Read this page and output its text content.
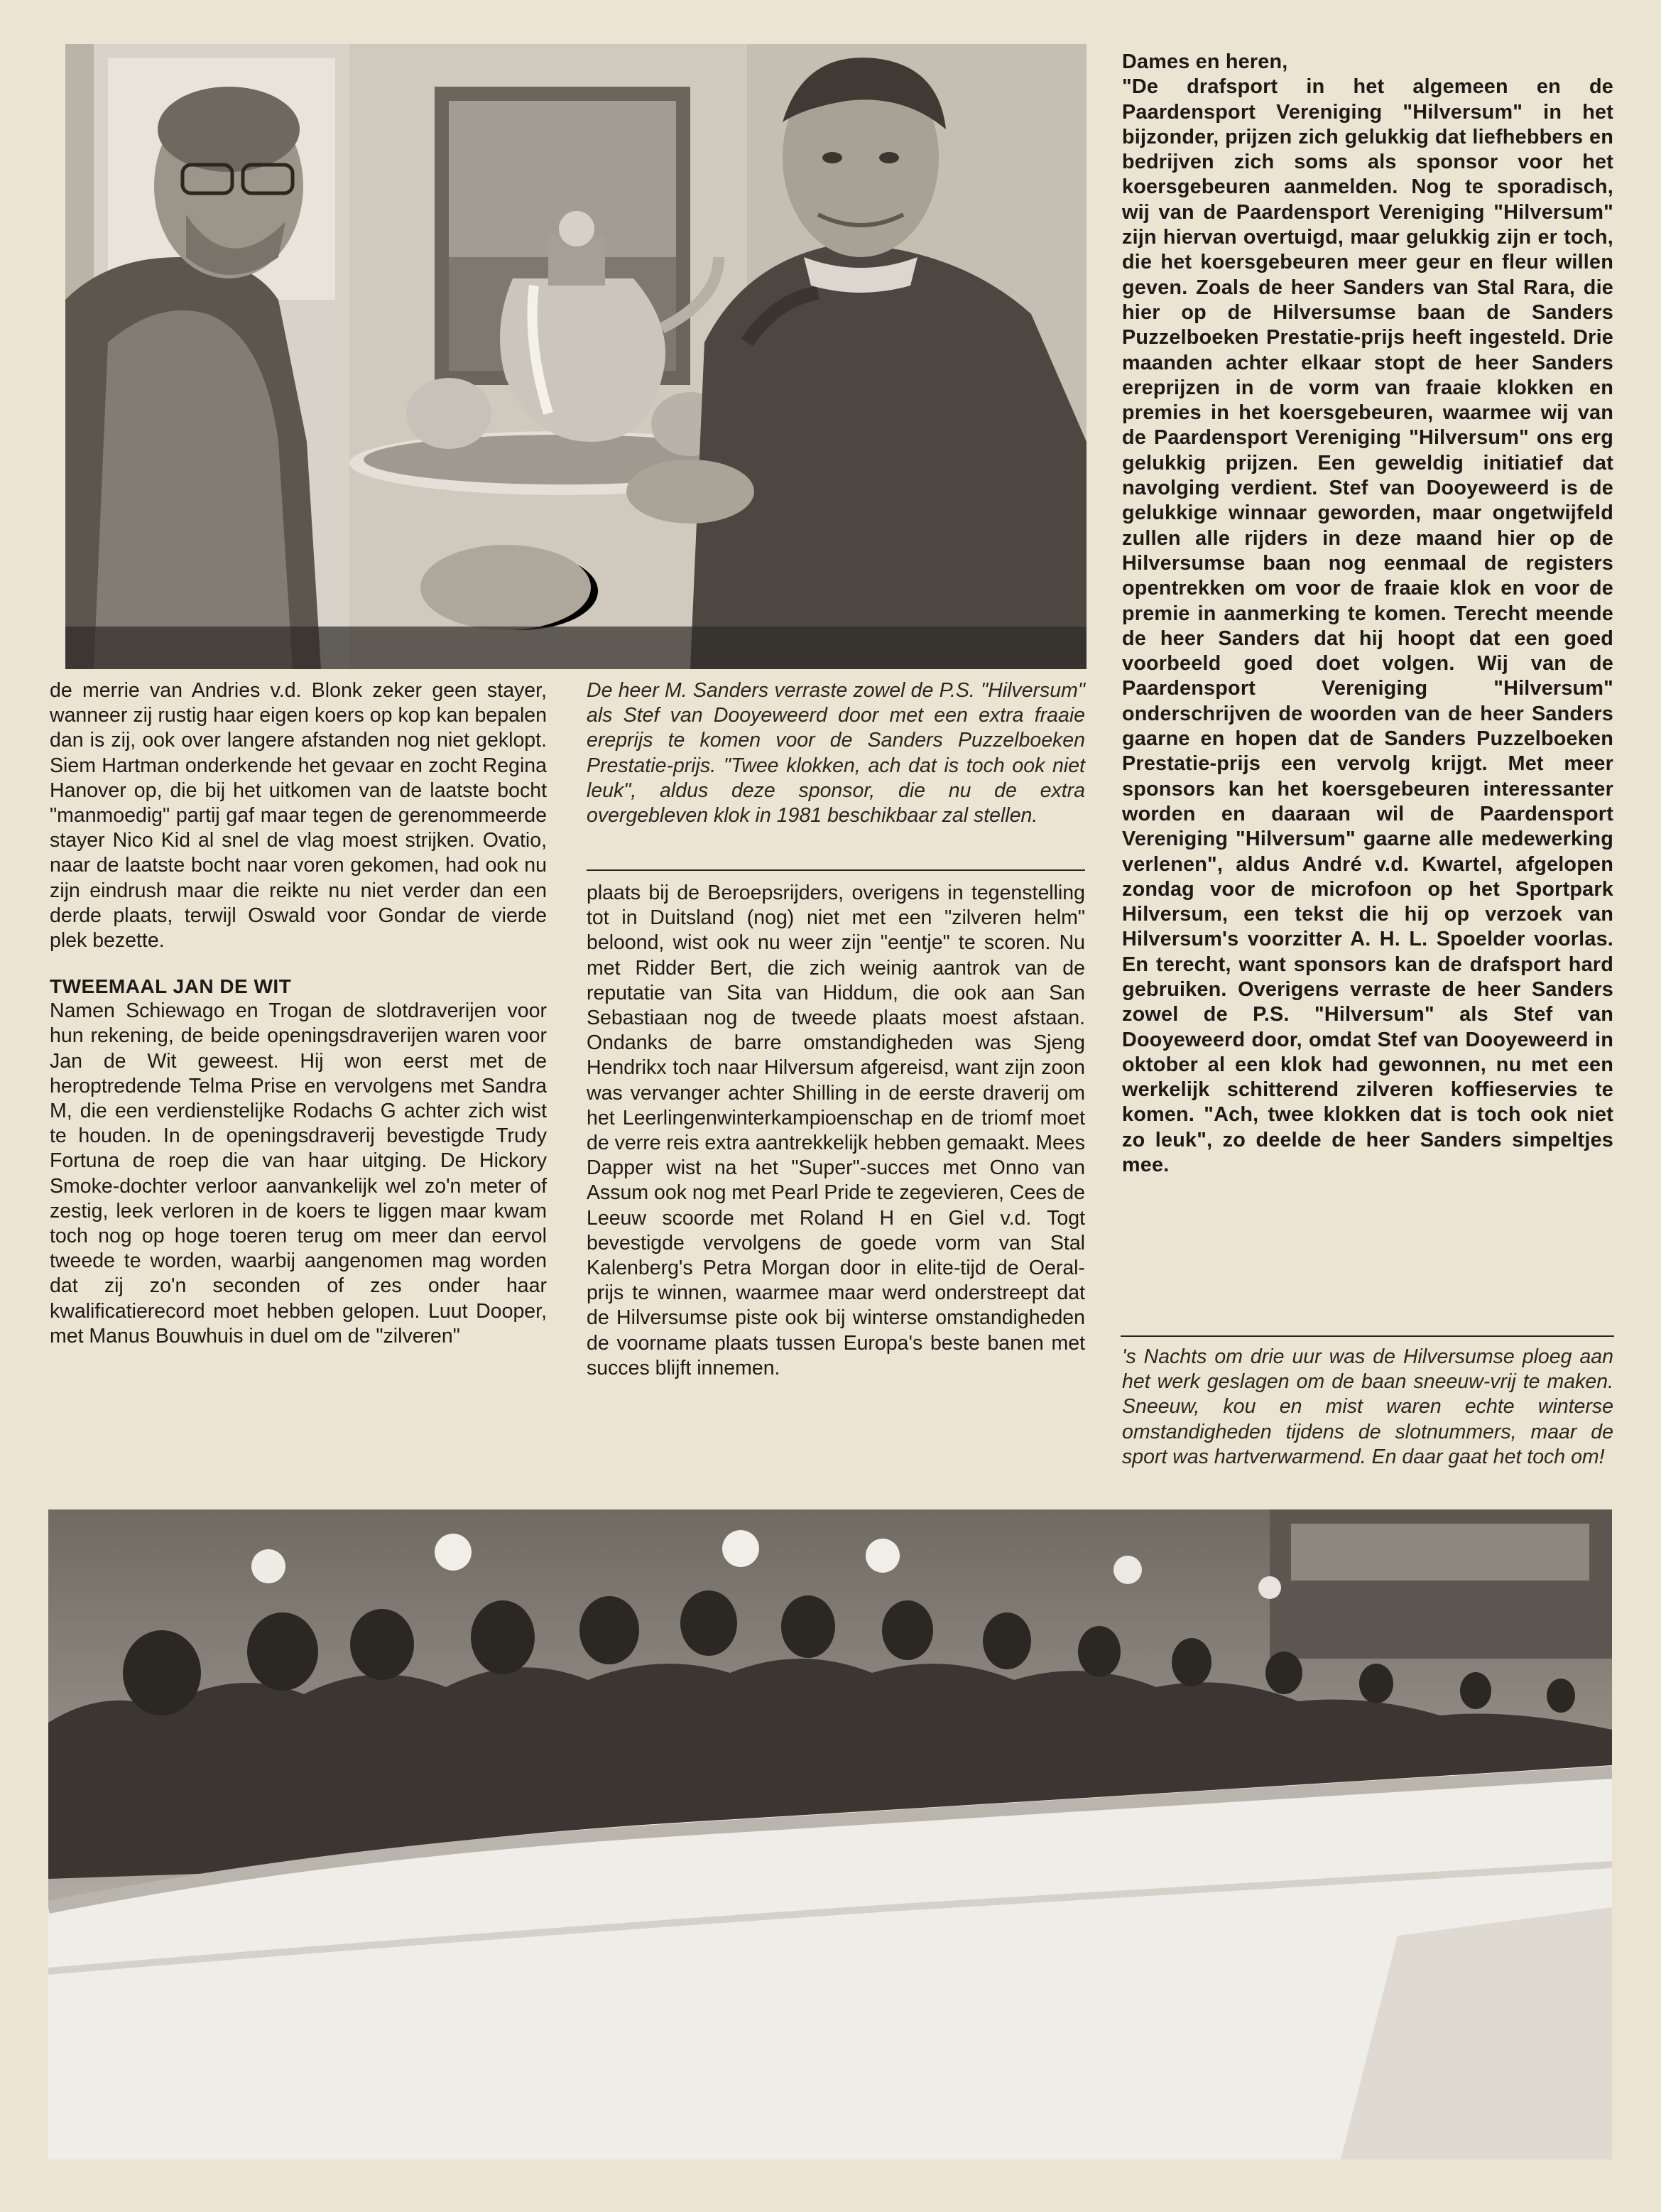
Dames en heren,

"De drafsport in het algemeen en de Paardensport Vereniging "Hilversum" in het bijzonder, prijzen zich gelukkig dat liefhebbers en bedrijven zich soms als sponsor voor het koersgebeuren aanmelden. Nog te sporadisch, wij van de Paardensport Vereniging "Hilversum" zijn hiervan overtuigd, maar gelukkig zijn er toch, die het koersgebeuren meer geur en fleur willen geven. Zoals de heer Sanders van Stal Rara, die hier op de Hilversumse baan de Sanders Puzzelboeken Prestatie-prijs heeft ingesteld. Drie maanden achter elkaar stopt de heer Sanders ereprijzen in de vorm van fraaie klokken en premies in het koersgebeuren, waarmee wij van de Paardensport Vereniging "Hilversum" ons erg gelukkig prijzen. Een geweldig initiatief dat navolging verdient. Stef van Dooyeweerd is de gelukkige winnaar geworden, maar ongetwijfeld zullen alle rijders in deze maand hier op de Hilversumse baan nog eenmaal de registers opentrekken om voor de fraaie klok en voor de premie in aanmerking te komen. Terecht meende de heer Sanders dat hij hoopt dat een goed voorbeeld goed doet volgen. Wij van de Paardensport Vereniging "Hilversum" onderschrijven de woorden van de heer Sanders gaarne en hopen dat de Sanders Puzzelboeken Prestatie-prijs een vervolg krijgt. Met meer sponsors kan het koersgebeuren interessanter worden en daaraan wil de Paardensport Vereniging "Hilversum" gaarne alle medewerking verlenen", aldus André v.d. Kwartel, afgelopen zondag voor de microfoon op het Sportpark Hilversum, een tekst die hij op verzoek van Hilversum's voorzitter A. H. L. Spoelder voorlas. En terecht, want sponsors kan de drafsport hard gebruiken. Overigens verraste de heer Sanders zowel de P.S. "Hilversum" als Stef van Dooyeweerd door, omdat Stef van Dooyeweerd in oktober al een klok had gewonnen, nu met een werkelijk schitterend zilveren koffieservies te komen. "Ach, twee klokken dat is toch ook niet zo leuk", zo deelde de heer Sanders simpeltjes mee.

de merrie van Andries v.d. Blonk zeker geen stayer, wanneer zij rustig haar eigen koers op kop kan bepalen dan is zij, ook over langere afstanden nog niet geklopt. Siem Hartman onderkende het gevaar en zocht Regina Hanover op, die bij het uitkomen van de laatste bocht "manmoedig" partij gaf maar tegen de gerenommeerde stayer Nico Kid al snel de vlag moest strijken. Ovatio, naar de laatste bocht naar voren gekomen, had ook nu zijn eindrush maar die reikte nu niet verder dan een derde plaats, terwijl Oswald voor Gondar de vierde plek bezette.

TWEEMAAL JAN DE WIT

Namen Schiewago en Trogan de slotdraverijen voor hun rekening, de beide openingsdraverijen waren voor Jan de Wit geweest. Hij won eerst met de heroptredende Telma Prise en vervolgens met Sandra M, die een verdienstelijke Rodachs G achter zich wist te houden. In de openingsdraverij bevestigde Trudy Fortuna de roep die van haar uitging. De Hickory Smoke-dochter verloor aanvankelijk wel zo'n meter of zestig, leek verloren in de koers te liggen maar kwam toch nog op hoge toeren terug om meer dan eervol tweede te worden, waarbij aangenomen mag worden dat zij zo'n seconden of zes onder haar kwalificatierecord moet hebben gelopen. Luut Dooper, met Manus Bouwhuis in duel om de "zilveren"

De heer M. Sanders verraste zowel de P.S. "Hilversum" als Stef van Dooyeweerd door met een extra fraaie ereprijs te komen voor de Sanders Puzzelboeken Prestatie-prijs. "Twee klokken, ach dat is toch ook niet leuk", aldus deze sponsor, die nu de extra overgebleven klok in 1981 beschikbaar zal stellen.

plaats bij de Beroepsrijders, overigens in tegenstelling tot in Duitsland (nog) niet met een "zilveren helm" beloond, wist ook nu weer zijn "eentje" te scoren. Nu met Ridder Bert, die zich weinig aantrok van de reputatie van Sita van Hiddum, die ook aan San Sebastiaan nog de tweede plaats moest afstaan. Ondanks de barre omstandigheden was Sjeng Hendrikx toch naar Hilversum afgereisd, want zijn zoon was vervanger achter Shilling in de eerste draverij om het Leerlingenwinterkampioenschap en de triomf moet de verre reis extra aantrekkelijk hebben gemaakt. Mees Dapper wist na het "Super"-succes met Onno van Assum ook nog met Pearl Pride te zegevieren, Cees de Leeuw scoorde met Roland H en Giel v.d. Togt bevestigde vervolgens de goede vorm van Stal Kalenberg's Petra Morgan door in elite-tijd de Oeral-prijs te winnen, waarmee maar werd onderstreept dat de Hilversumse piste ook bij winterse omstandigheden de voorname plaats tussen Europa's beste banen met succes blijft innemen.	's Nachts om drie uur was de Hilversumse ploeg aan het werk geslagen om de baan sneeuw-vrij te maken. Sneeuw, kou en mist waren echte winterse omstandigheden tijdens de slotnummers, maar de sport was hartverwarmend. En daar gaat het toch om!
